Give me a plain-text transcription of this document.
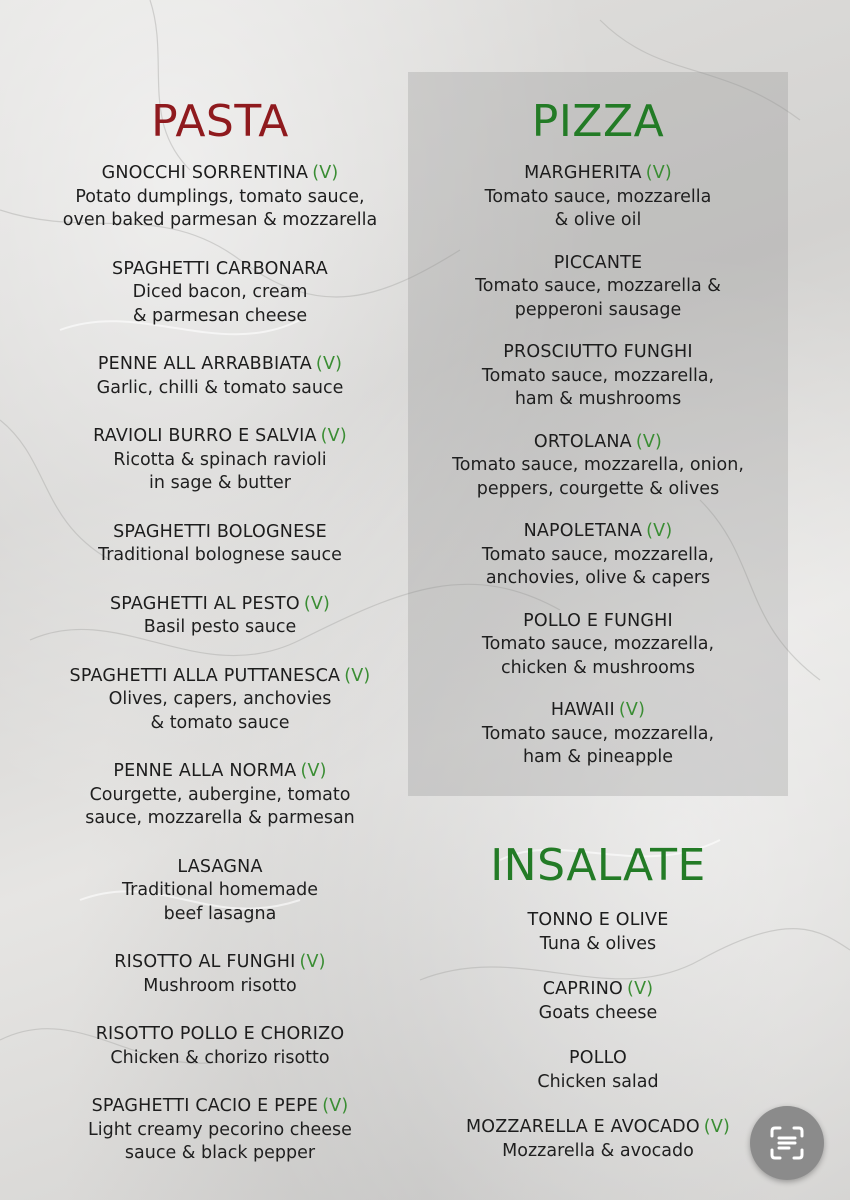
PASTA
GNOCCHI SORRENTINA (V)
Potato dumplings, tomato sauce,
oven baked parmesan & mozzarella
SPAGHETTI CARBONARA
Diced bacon, cream
& parmesan cheese
PENNE ALL ARRABBIATA (V)
Garlic, chilli & tomato sauce
RAVIOLI BURRO E SALVIA (V)
Ricotta & spinach ravioli
in sage & butter
SPAGHETTI BOLOGNESE
Traditional bolognese sauce
SPAGHETTI AL PESTO (V)
Basil pesto sauce
SPAGHETTI ALLA PUTTANESCA (V)
Olives, capers, anchovies
& tomato sauce
PENNE ALLA NORMA (V)
Courgette, aubergine, tomato
sauce, mozzarella & parmesan
LASAGNA
Traditional homemade
beef lasagna
RISOTTO AL FUNGHI (V)
Mushroom risotto
RISOTTO POLLO E CHORIZO
Chicken & chorizo risotto
SPAGHETTI CACIO E PEPE (V)
Light creamy pecorino cheese
sauce & black pepper
PIZZA
MARGHERITA (V)
Tomato sauce, mozzarella
& olive oil
PICCANTE
Tomato sauce, mozzarella &
pepperoni sausage
PROSCIUTTO FUNGHI
Tomato sauce, mozzarella,
ham & mushrooms
ORTOLANA (V)
Tomato sauce, mozzarella, onion,
peppers, courgette & olives
NAPOLETANA (V)
Tomato sauce, mozzarella,
anchovies, olive & capers
POLLO E FUNGHI
Tomato sauce, mozzarella,
chicken & mushrooms
HAWAII (V)
Tomato sauce, mozzarella,
ham & pineapple
INSALATE
TONNO E OLIVE
Tuna & olives
CAPRINO (V)
Goats cheese
POLLO
Chicken salad
MOZZARELLA E AVOCADO (V)
Mozzarella & avocado
